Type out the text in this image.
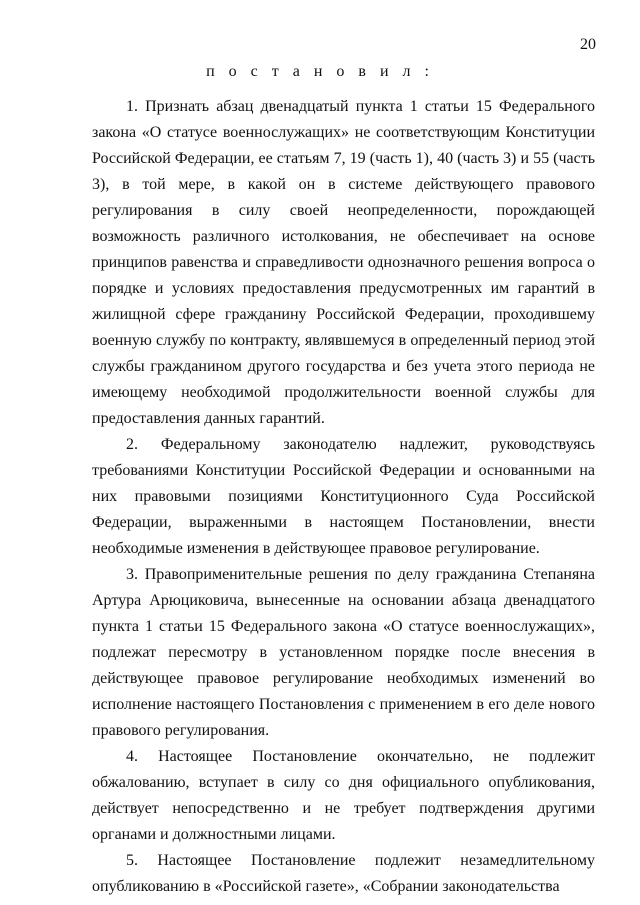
20
п о с т а н о в и л :

1. Признать абзац двенадцатый пункта 1 статьи 15 Федерального закона «О статусе военнослужащих» не соответствующим Конституции Российской Федерации, ее статьям 7, 19 (часть 1), 40 (часть 3) и 55 (часть 3), в той мере, в какой он в системе действующего правового регулирования в силу своей неопределенности, порождающей возможность различного истолкования, не обеспечивает на основе принципов равенства и справедливости однозначного решения вопроса о порядке и условиях предоставления предусмотренных им гарантий в жилищной сфере гражданину Российской Федерации, проходившему военную службу по контракту, являвшемуся в определенный период этой службы гражданином другого государства и без учета этого периода не имеющему необходимой продолжительности военной службы для предоставления данных гарантий.

2. Федеральному законодателю надлежит, руководствуясь требованиями Конституции Российской Федерации и основанными на них правовыми позициями Конституционного Суда Российской Федерации, выраженными в настоящем Постановлении, внести необходимые изменения в действующее правовое регулирование.

3. Правоприменительные решения по делу гражданина Степаняна Артура Арюциковича, вынесенные на основании абзаца двенадцатого пункта 1 статьи 15 Федерального закона «О статусе военнослужащих», подлежат пересмотру в установленном порядке после внесения в действующее правовое регулирование необходимых изменений во исполнение настоящего Постановления с применением в его деле нового правового регулирования.

4. Настоящее Постановление окончательно, не подлежит обжалованию, вступает в силу со дня официального опубликования, действует непосредственно и не требует подтверждения другими органами и должностными лицами.

5. Настоящее Постановление подлежит незамедлительному опубликованию в «Российской газете», «Собрании законодательства
